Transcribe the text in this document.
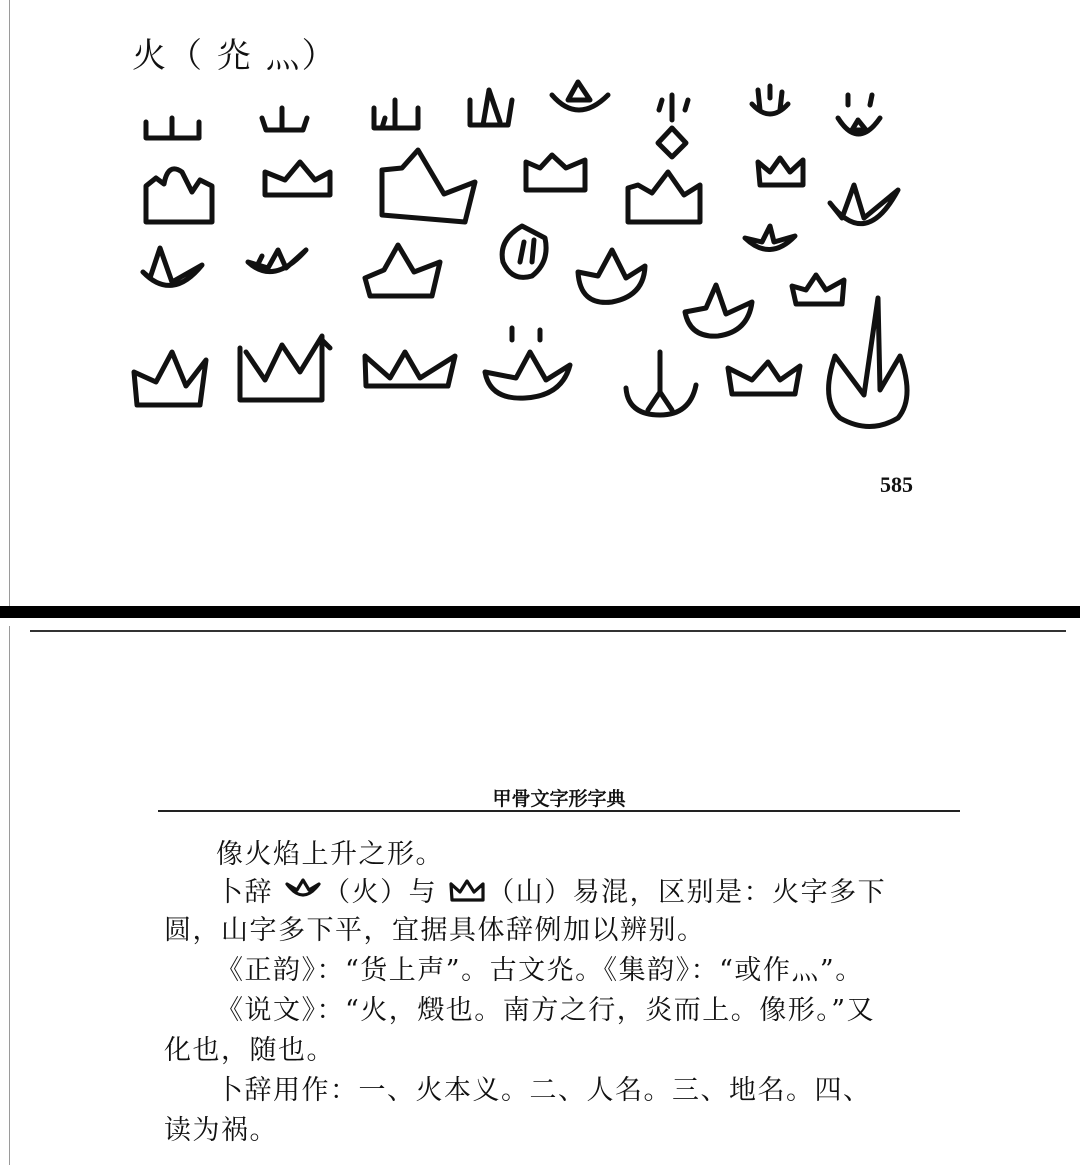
火（ 灮 灬）
585
甲骨文字形字典
像火焰上升之形。
卜辞 （火）与 （山）易混，区别是：火字多下
圆，山字多下平，宜据具体辞例加以辨别。
《正韵》：“货上声”。古文灮。《集韵》：“或作灬”。
《说文》：“火，燬也。南方之行，炎而上。像形。”又
化也，随也。
卜辞用作：一、火本义。二、人名。三、地名。四、
读为祸。
